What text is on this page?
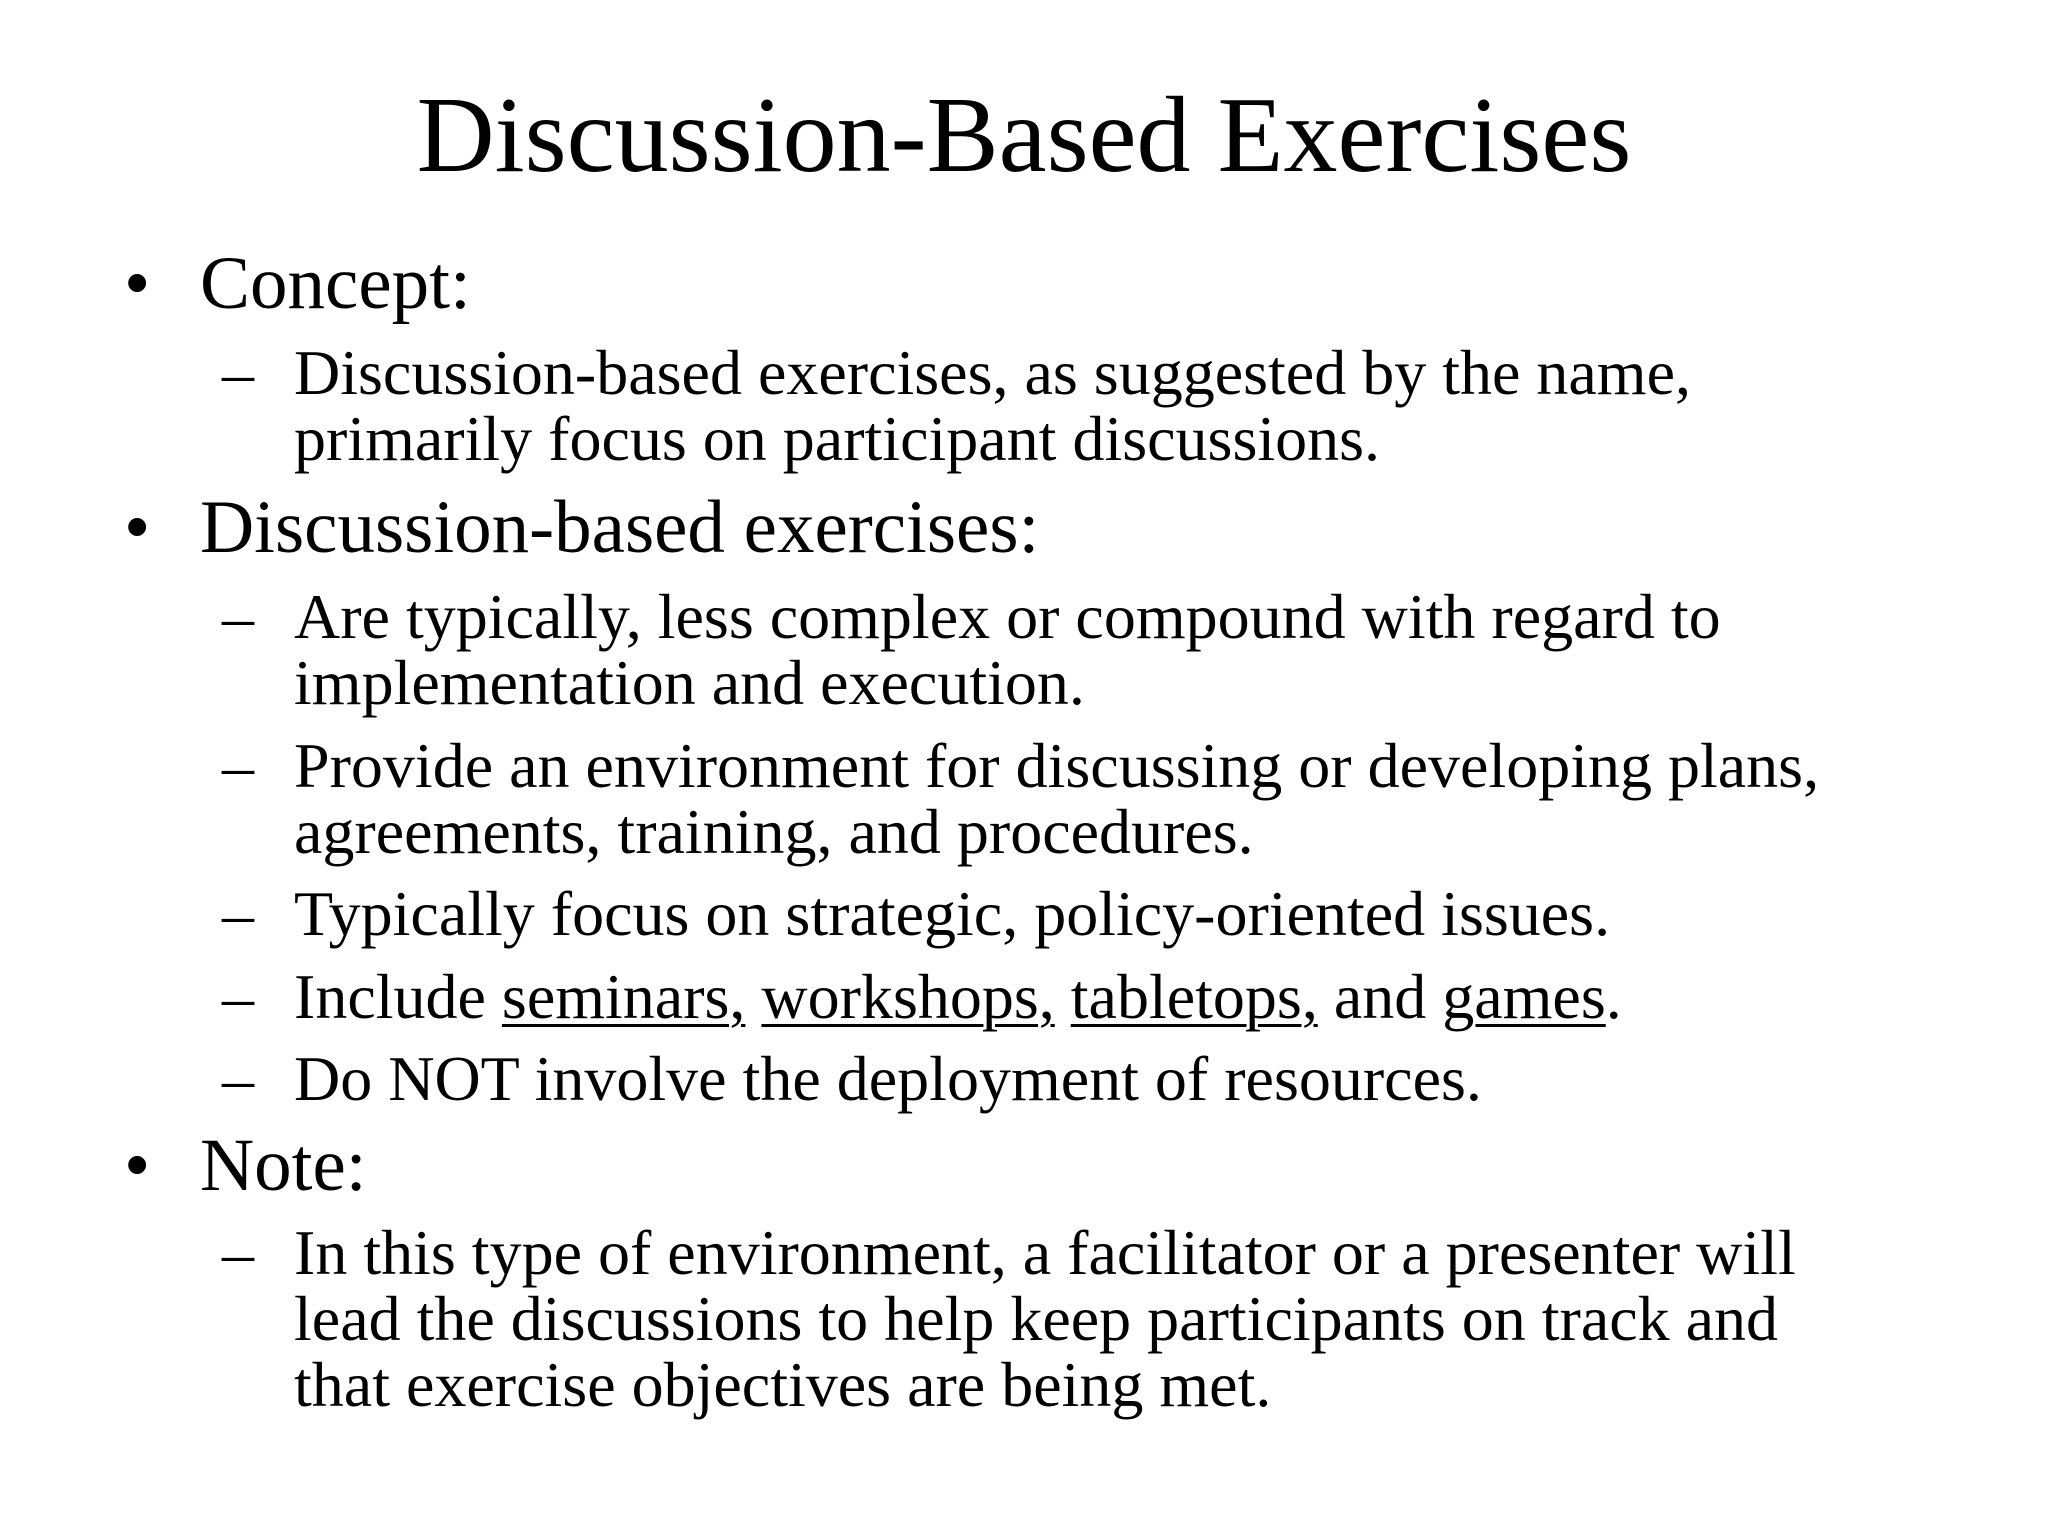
Discussion-Based Exercises
• Concept:
– Discussion-based exercises, as suggested by the name,
primarily focus on participant discussions.
• Discussion-based exercises:
– Are typically, less complex or compound with regard to
implementation and execution.
– Provide an environment for discussing or developing plans,
agreements, training, and procedures.
– Typically focus on strategic, policy-oriented issues.
– Include seminars, workshops, tabletops, and games.
– Do NOT involve the deployment of resources.
• Note:
– In this type of environment, a facilitator or a presenter will
lead the discussions to help keep participants on track and
that exercise objectives are being met.
